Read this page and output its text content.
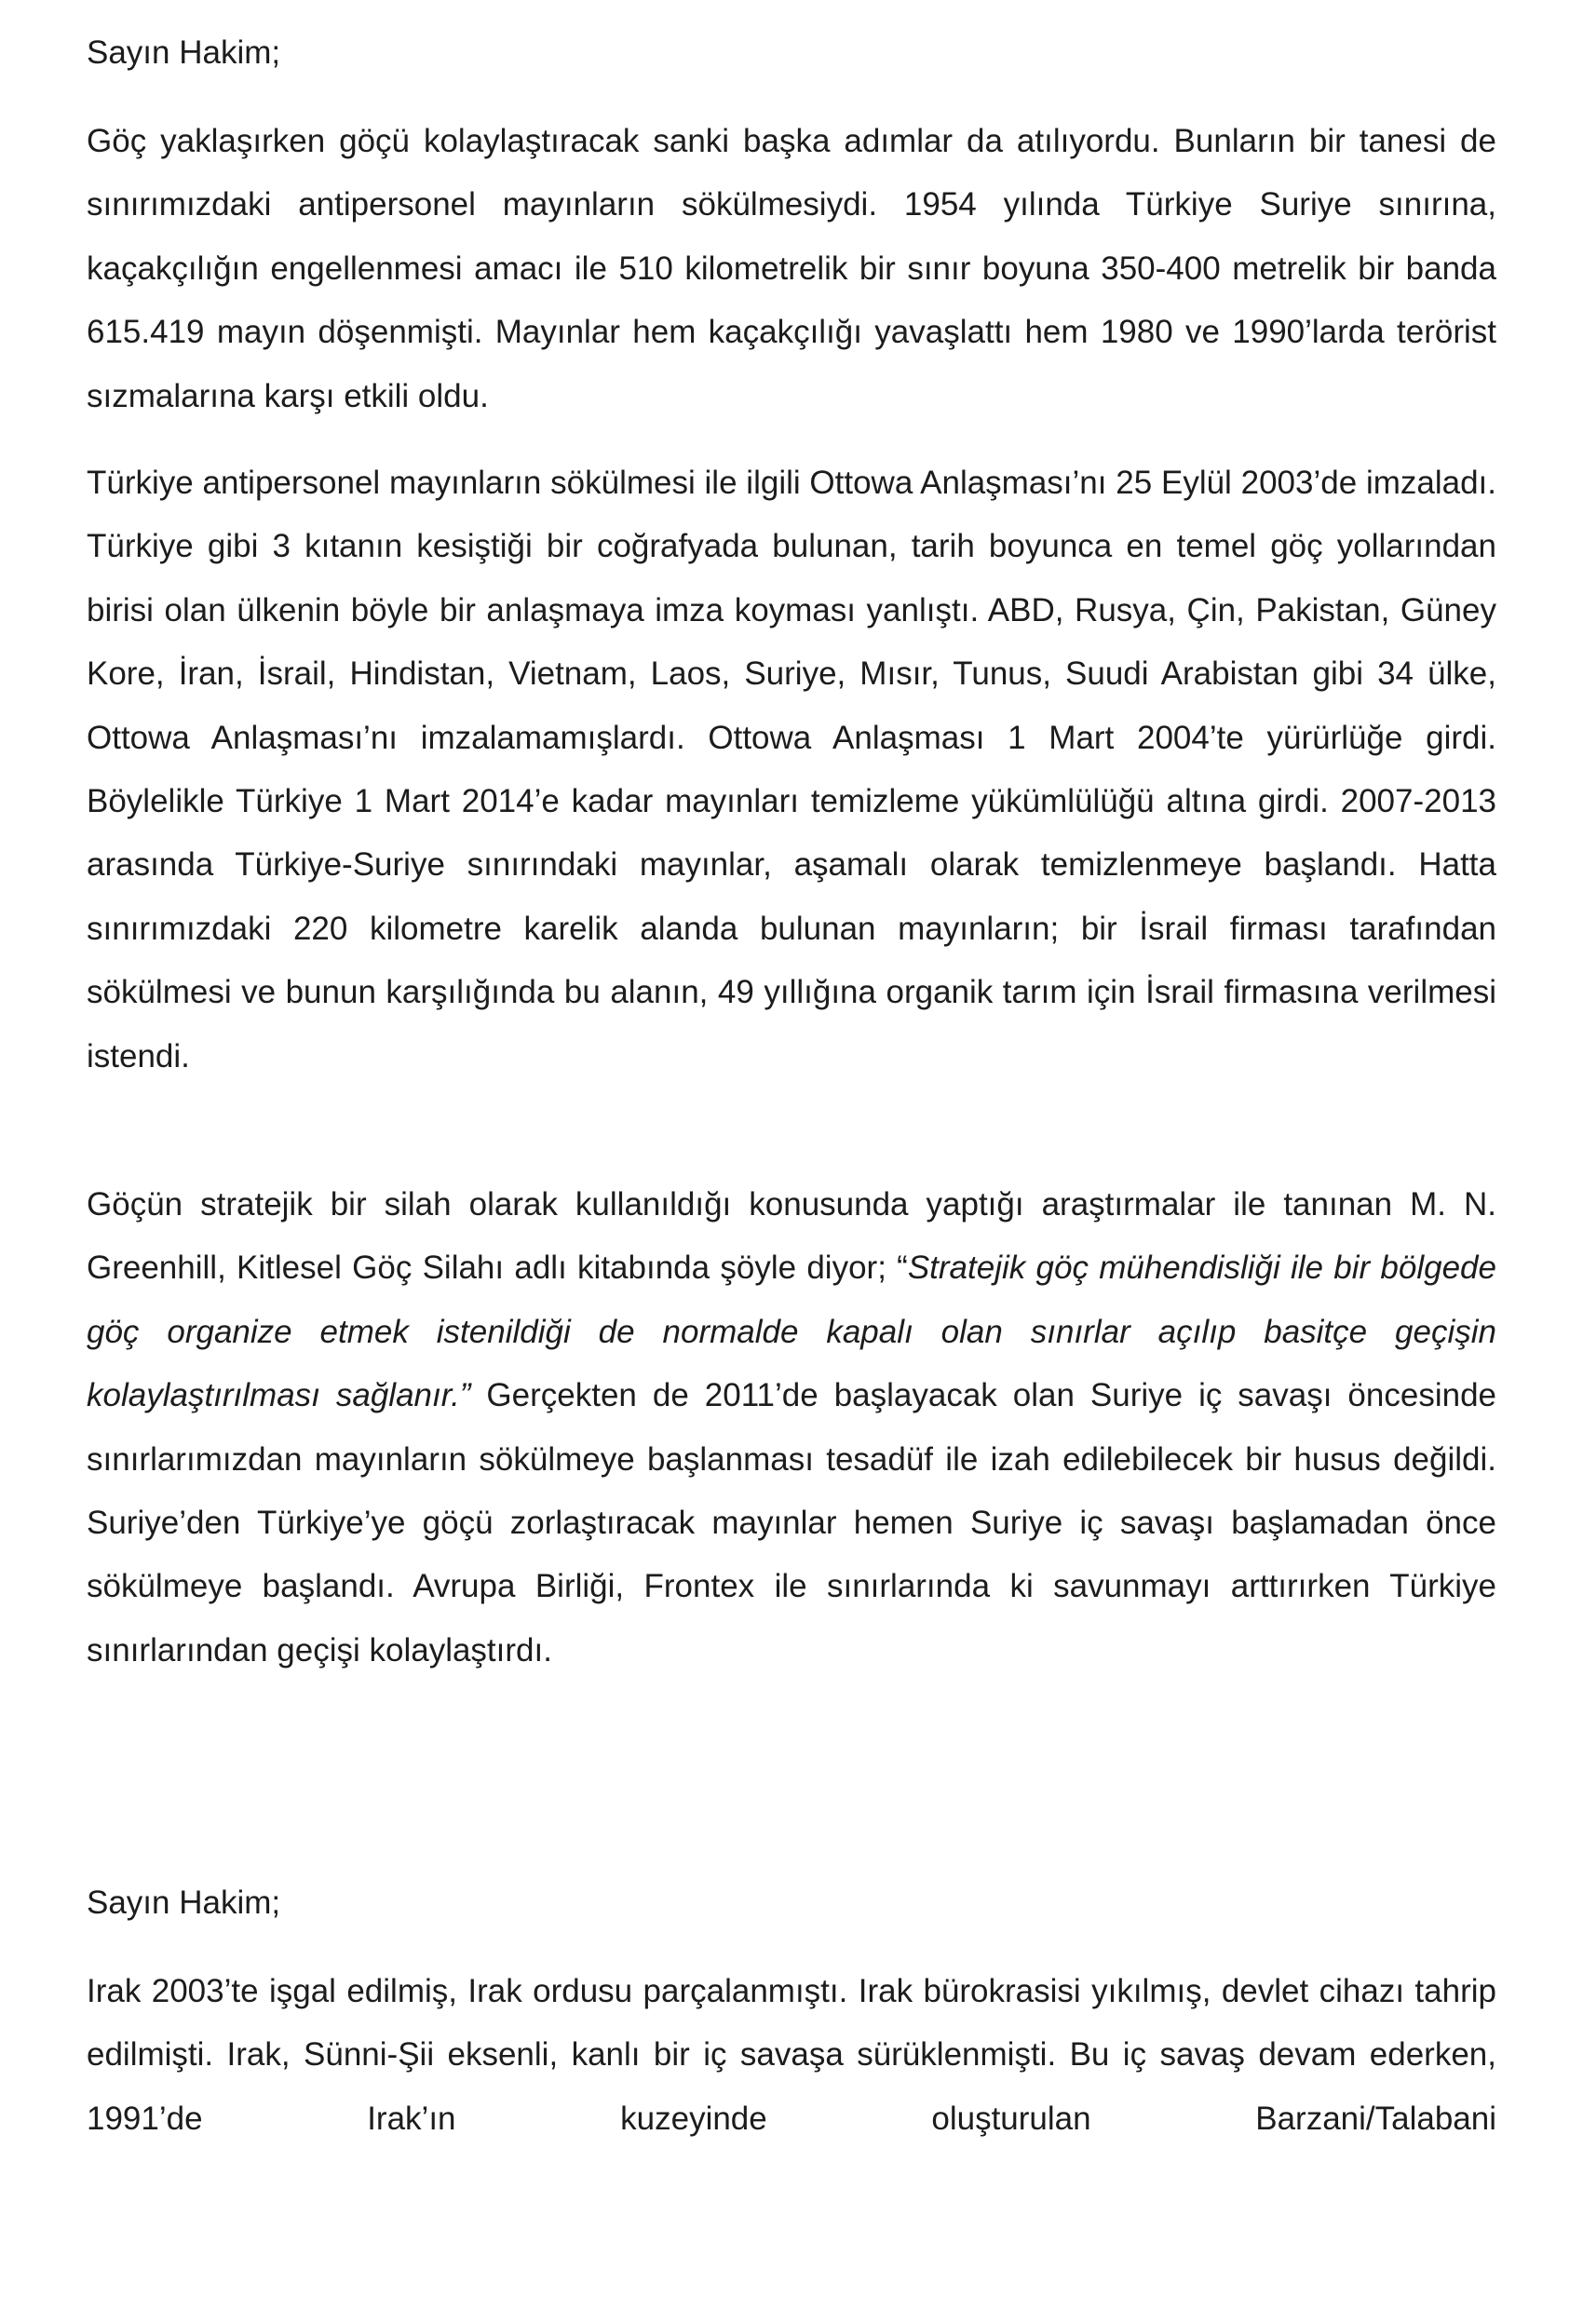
Sayın Hakim;

Göç yaklaşırken göçü kolaylaştıracak sanki başka adımlar da atılıyordu. Bunların bir tanesi de sınırımızdaki antipersonel mayınların sökülmesiydi. 1954 yılında Türkiye Suriye sınırına, kaçakçılığın engellenmesi amacı ile 510 kilometrelik bir sınır boyuna 350-400 metrelik bir banda 615.419 mayın döşenmişti. Mayınlar hem kaçakçılığı yavaşlattı hem 1980 ve 1990’larda terörist sızmalarına karşı etkili oldu.

Türkiye antipersonel mayınların sökülmesi ile ilgili Ottowa Anlaşması’nı 25 Eylül 2003’de imzaladı. Türkiye gibi 3 kıtanın kesiştiği bir coğrafyada bulunan, tarih boyunca en temel göç yollarından birisi olan ülkenin böyle bir anlaşmaya imza koyması yanlıştı. ABD, Rusya, Çin, Pakistan, Güney Kore, İran, İsrail, Hindistan, Vietnam, Laos, Suriye, Mısır, Tunus, Suudi Arabistan gibi 34 ülke, Ottowa Anlaşması’nı imzalamamışlardı. Ottowa Anlaşması 1 Mart 2004’te yürürlüğe girdi. Böylelikle Türkiye 1 Mart 2014’e kadar mayınları temizleme yükümlülüğü altına girdi. 2007-2013 arasında Türkiye-Suriye sınırındaki mayınlar, aşamalı olarak temizlenmeye başlandı. Hatta sınırımızdaki 220 kilometre karelik alanda bulunan mayınların; bir İsrail firması tarafından sökülmesi ve bunun karşılığında bu alanın, 49 yıllığına organik tarım için İsrail firmasına verilmesi istendi.

Göçün stratejik bir silah olarak kullanıldığı konusunda yaptığı araştırmalar ile tanınan M. N. Greenhill, Kitlesel Göç Silahı adlı kitabında şöyle diyor; “Stratejik göç mühendisliği ile bir bölgede göç organize etmek istenildiği de normalde kapalı olan sınırlar açılıp basitçe geçişin kolaylaştırılması sağlanır.” Gerçekten de 2011’de başlayacak olan Suriye iç savaşı öncesinde sınırlarımızdan mayınların sökülmeye başlanması tesadüf ile izah edilebilecek bir husus değildi. Suriye’den Türkiye’ye göçü zorlaştıracak mayınlar hemen Suriye iç savaşı başlamadan önce sökülmeye başlandı. Avrupa Birliği, Frontex ile sınırlarında ki savunmayı arttırırken Türkiye sınırlarından geçişi kolaylaştırdı.

Sayın Hakim;

Irak 2003’te işgal edilmiş, Irak ordusu parçalanmıştı. Irak bürokrasisi yıkılmış, devlet cihazı tahrip edilmişti. Irak, Sünni-Şii eksenli, kanlı bir iç savaşa sürüklenmişti. Bu iç savaş devam ederken, 1991’de Irak’ın kuzeyinde oluşturulan Barzani/Talabani
